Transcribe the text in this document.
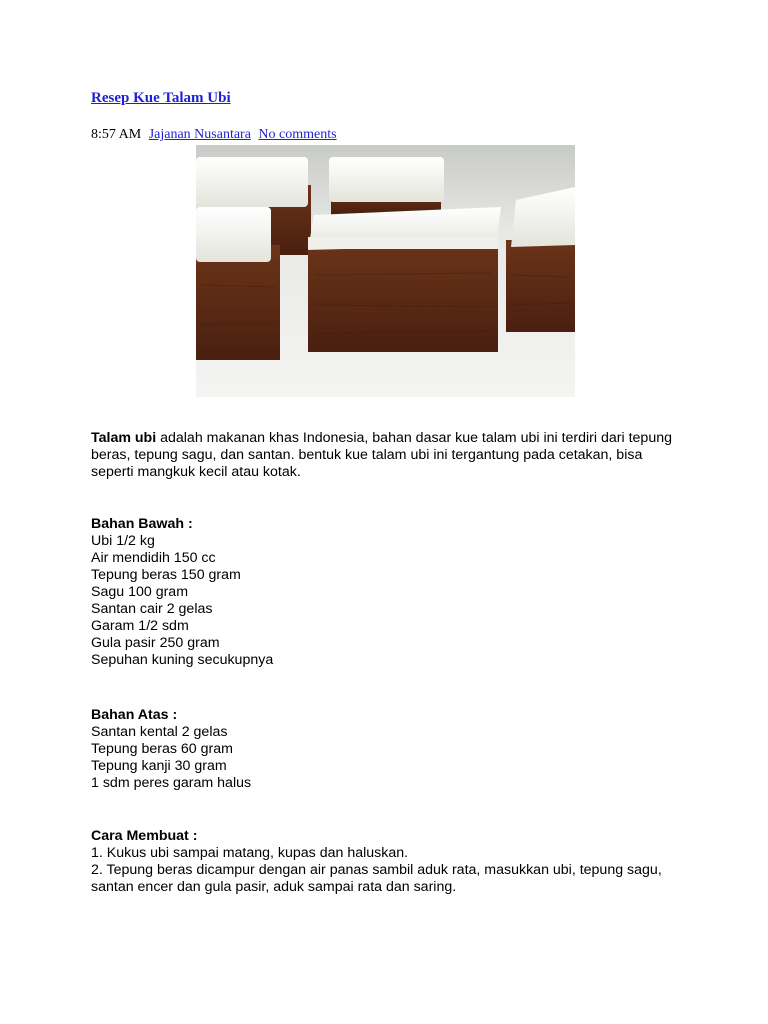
Resep Kue Talam Ubi
8:57 AM Jajanan Nusantara No comments

Talam ubi adalah makanan khas Indonesia, bahan dasar kue talam ubi ini terdiri dari tepung beras, tepung sagu, dan santan. bentuk kue talam ubi ini tergantung pada cetakan, bisa seperti mangkuk kecil atau kotak.

Bahan Bawah :

Ubi 1/2 kg

Air mendidih 150 cc

Tepung beras 150 gram

Sagu 100 gram

Santan cair 2 gelas

Garam 1/2 sdm

Gula pasir 250 gram

Sepuhan kuning secukupnya

Bahan Atas :

Santan kental 2 gelas

Tepung beras 60 gram

Tepung kanji 30 gram

1 sdm peres garam halus

Cara Membuat :

1. Kukus ubi sampai matang, kupas dan haluskan.

2. Tepung beras dicampur dengan air panas sambil aduk rata, masukkan ubi, tepung sagu, santan encer dan gula pasir, aduk sampai rata dan saring.
